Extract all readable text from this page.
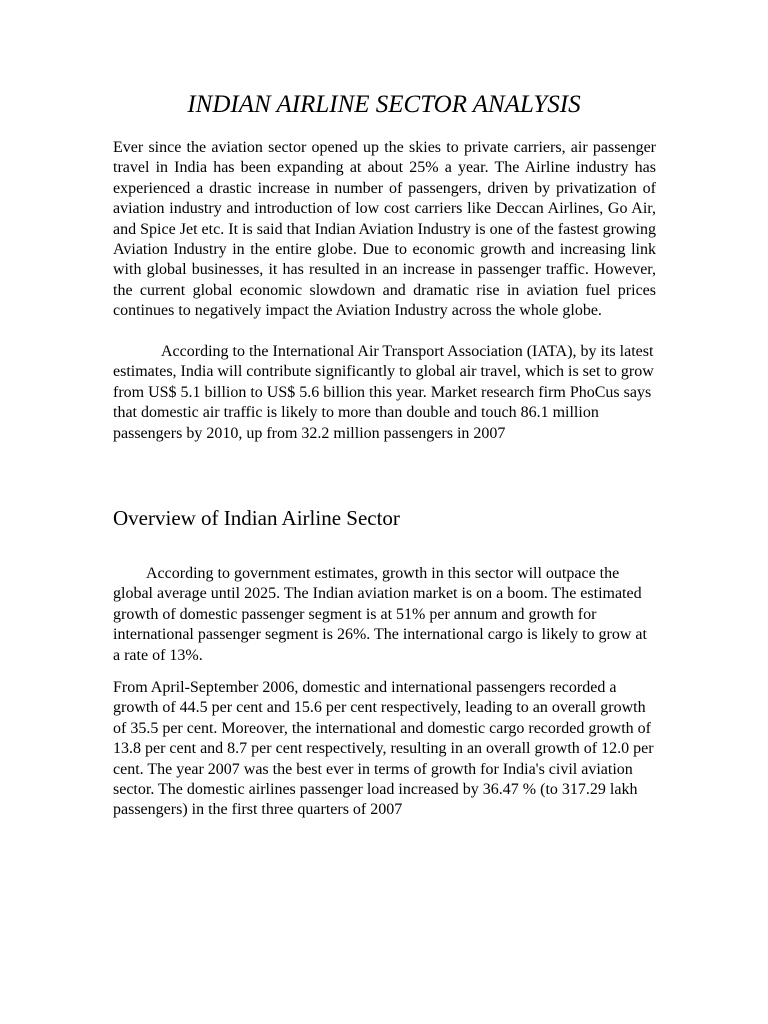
INDIAN AIRLINE SECTOR ANALYSIS

Ever since the aviation sector opened up the skies to private carriers, air passenger travel in India has been expanding at about 25% a year. The Airline industry has experienced a drastic increase in number of passengers, driven by privatization of aviation industry and introduction of low cost carriers like Deccan Airlines, Go Air, and Spice Jet etc. It is said that Indian Aviation Industry is one of the fastest growing Aviation Industry in the entire globe. Due to economic growth and increasing link with global businesses, it has resulted in an increase in passenger traffic. However, the current global economic slowdown and dramatic rise in aviation fuel prices continues to negatively impact the Aviation Industry across the whole globe.

According to the International Air Transport Association (IATA), by its latest estimates, India will contribute significantly to global air travel, which is set to grow from US$ 5.1 billion to US$ 5.6 billion this year. Market research firm PhoCus says that domestic air traffic is likely to more than double and touch 86.1 million passengers by 2010, up from 32.2 million passengers in 2007

Overview of Indian Airline Sector

According to government estimates, growth in this sector will outpace the global average until 2025. The Indian aviation market is on a boom. The estimated growth of domestic passenger segment is at 51% per annum and growth for international passenger segment is 26%. The international cargo is likely to grow at a rate of 13%.

From April-September 2006, domestic and international passengers recorded a growth of 44.5 per cent and 15.6 per cent respectively, leading to an overall growth of 35.5 per cent. Moreover, the international and domestic cargo recorded growth of 13.8 per cent and 8.7 per cent respectively, resulting in an overall growth of 12.0 per cent. The year 2007 was the best ever in terms of growth for India's civil aviation sector. The domestic airlines passenger load increased by 36.47 % (to 317.29 lakh passengers) in the first three quarters of 2007
